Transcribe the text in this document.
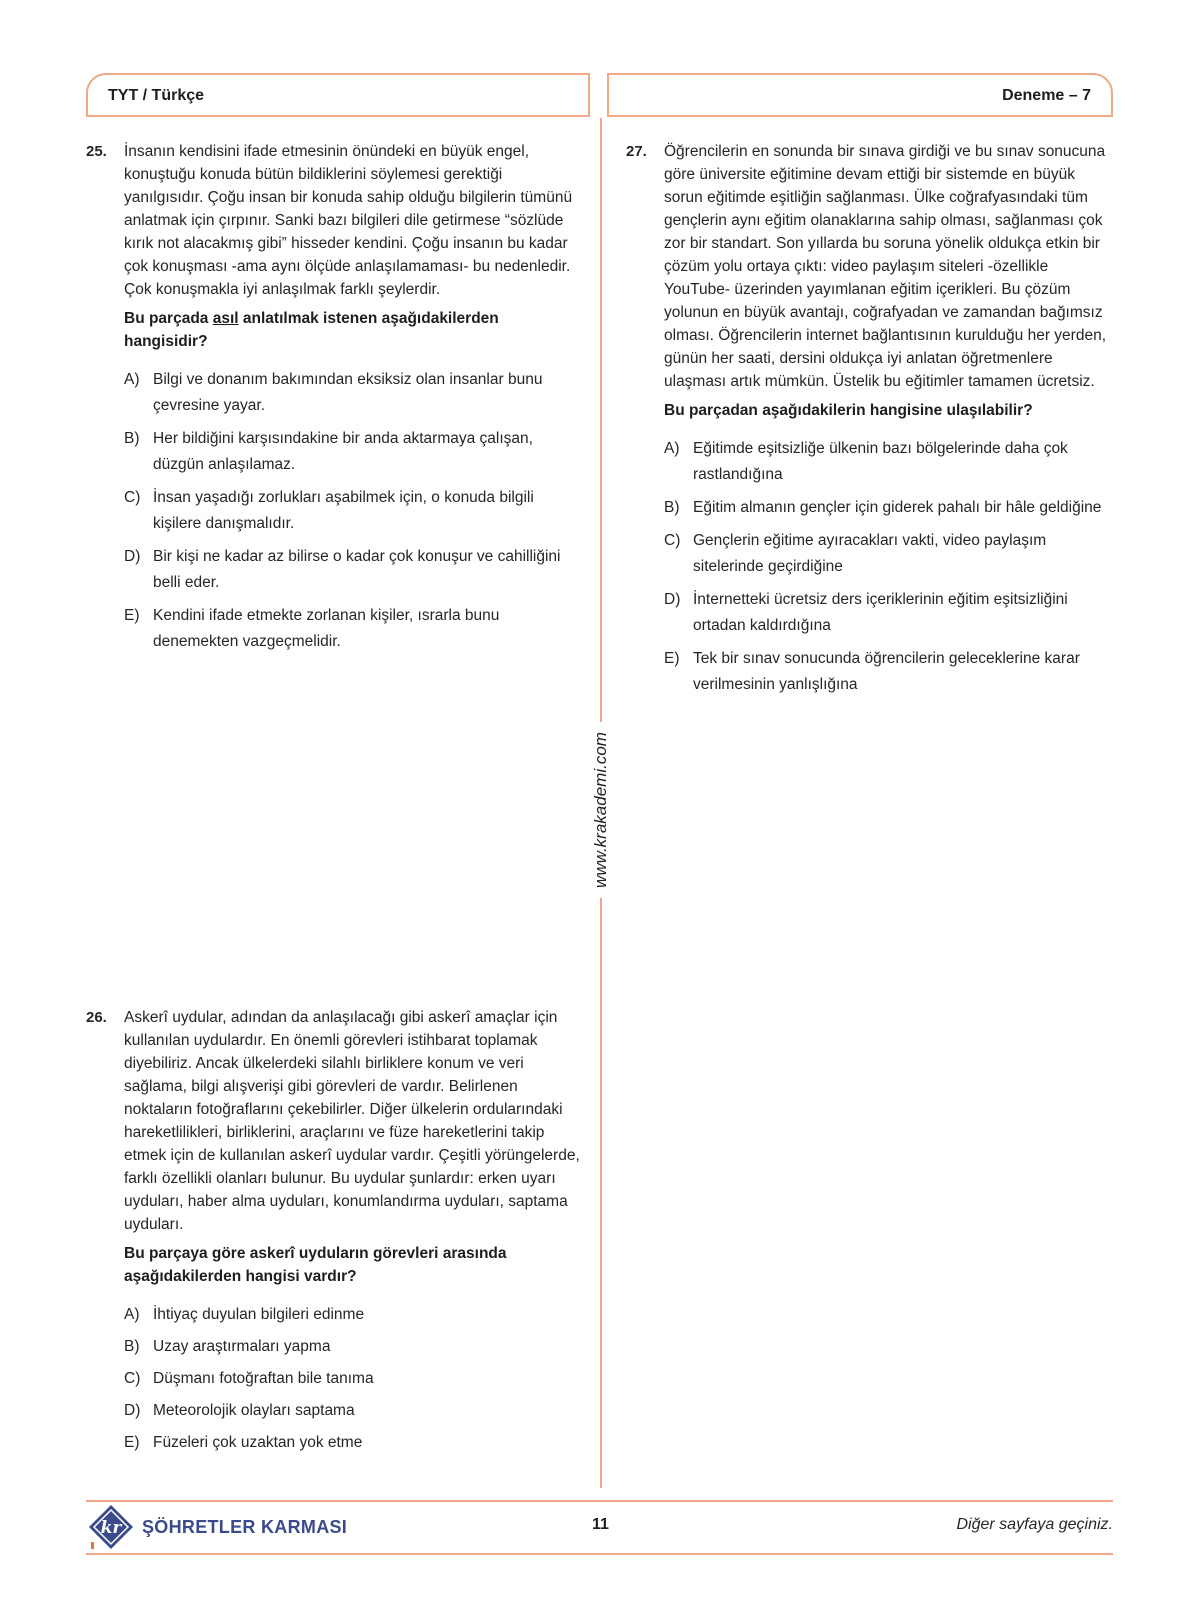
TYT / Türkçe	Deneme – 7
www.krakademi.com
25. İnsanın kendisini ifade etmesinin önündeki en büyük engel, konuştuğu konuda bütün bildiklerini söylemesi gerektiği yanılgısıdır. Çoğu insan bir konuda sahip olduğu bilgilerin tümünü anlatmak için çırpınır. Sanki bazı bilgileri dile getirmese “sözlüde kırık not alacakmış gibi” hisseder kendini. Çoğu insanın bu kadar çok konuşması -ama aynı ölçüde anlaşılamaması- bu nedenledir. Çok konuşmakla iyi anlaşılmak farklı şeylerdir.
Bu parçada asıl anlatılmak istenen aşağıdakilerden hangisidir?
A) Bilgi ve donanım bakımından eksiksiz olan insanlar bunu çevresine yayar.
B) Her bildiğini karşısındakine bir anda aktarmaya çalışan, düzgün anlaşılamaz.
C) İnsan yaşadığı zorlukları aşabilmek için, o konuda bilgili kişilere danışmalıdır.
D) Bir kişi ne kadar az bilirse o kadar çok konuşur ve cahilliğini belli eder.
E) Kendini ifade etmekte zorlanan kişiler, ısrarla bunu denemekten vazgeçmelidir.
26. Askerî uydular, adından da anlaşılacağı gibi askerî amaçlar için kullanılan uydulardır. En önemli görevleri istihbarat toplamak diyebiliriz. Ancak ülkelerdeki silahlı birliklere konum ve veri sağlama, bilgi alışverişi gibi görevleri de vardır. Belirlenen noktaların fotoğraflarını çekebilirler. Diğer ülkelerin ordularındaki hareketlilikleri, birliklerini, araçlarını ve füze hareketlerini takip etmek için de kullanılan askerî uydular vardır. Çeşitli yörüngelerde, farklı özellikli olanları bulunur. Bu uydular şunlardır: erken uyarı uyduları, haber alma uyduları, konumlandırma uyduları, saptama uyduları.
Bu parçaya göre askerî uyduların görevleri arasında aşağıdakilerden hangisi vardır?
A) İhtiyaç duyulan bilgileri edinme
B) Uzay araştırmaları yapma
C) Düşmanı fotoğraftan bile tanıma
D) Meteorolojik olayları saptama
E) Füzeleri çok uzaktan yok etme
27. Öğrencilerin en sonunda bir sınava girdiği ve bu sınav sonucuna göre üniversite eğitimine devam ettiği bir sistemde en büyük sorun eğitimde eşitliğin sağlanması. Ülke coğrafyasındaki tüm gençlerin aynı eğitim olanaklarına sahip olması, sağlanması çok zor bir standart. Son yıllarda bu soruna yönelik oldukça etkin bir çözüm yolu ortaya çıktı: video paylaşım siteleri -özellikle YouTube- üzerinden yayımlanan eğitim içerikleri. Bu çözüm yolunun en büyük avantajı, coğrafyadan ve zamandan bağımsız olması. Öğrencilerin internet bağlantısının kurulduğu her yerden, günün her saati, dersini oldukça iyi anlatan öğretmenlere ulaşması artık mümkün. Üstelik bu eğitimler tamamen ücretsiz.
Bu parçadan aşağıdakilerin hangisine ulaşılabilir?
A) Eğitimde eşitsizliğe ülkenin bazı bölgelerinde daha çok rastlandığına
B) Eğitim almanın gençler için giderek pahalı bir hâle geldiğine
C) Gençlerin eğitime ayıracakları vakti, video paylaşım sitelerinde geçirdiğine
D) İnternetteki ücretsiz ders içeriklerinin eğitim eşitsizliğini ortadan kaldırdığına
E) Tek bir sınav sonucunda öğrencilerin geleceklerine karar verilmesinin yanlışlığına
kr ŞÖHRETLER KARMASI	11	Diğer sayfaya geçiniz.
